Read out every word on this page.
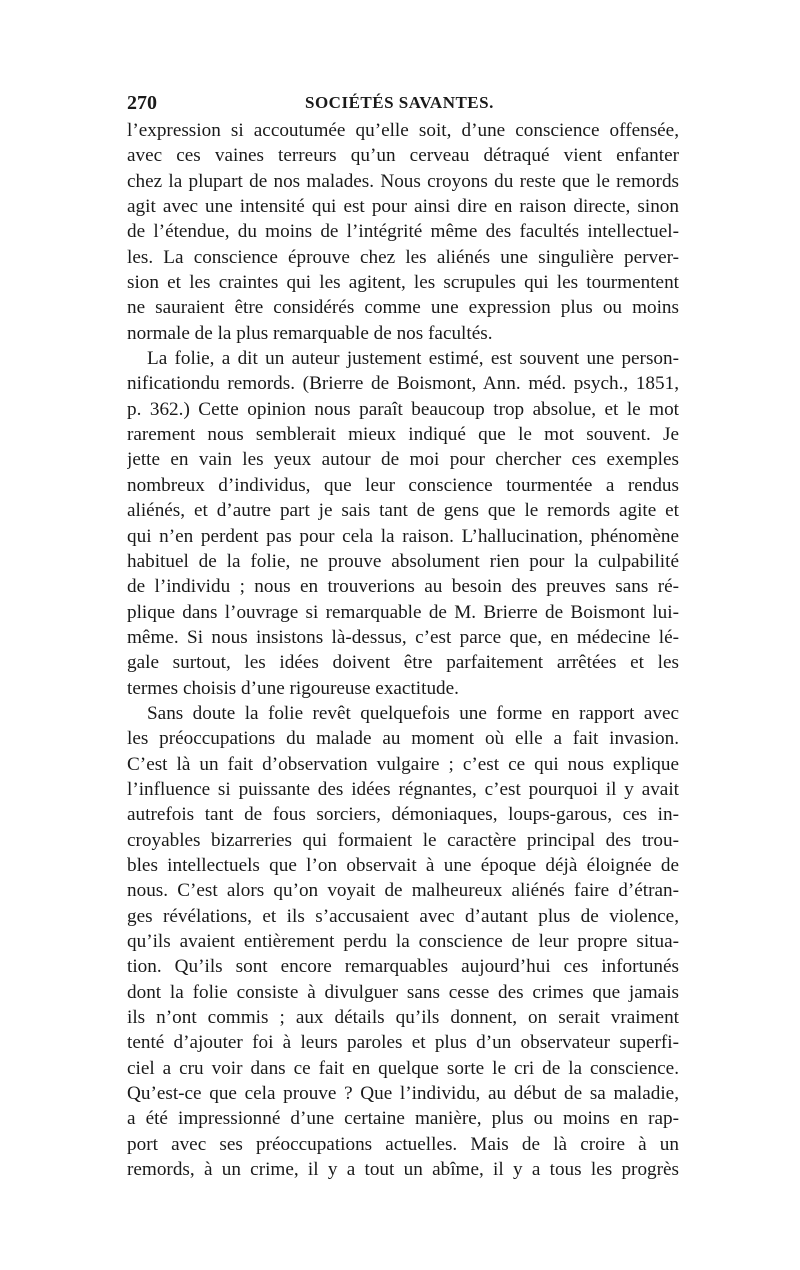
270	SOCIÉTÉS SAVANTES.
l’expression si accoutumée qu’elle soit, d’une conscience offensée,
avec ces vaines terreurs qu’un cerveau détraqué vient enfanter
chez la plupart de nos malades. Nous croyons du reste que le remords
agit avec une intensité qui est pour ainsi dire en raison directe, sinon
de l’étendue, du moins de l’intégrité même des facultés intellectuel-
les. La conscience éprouve chez les aliénés une singulière perver-
sion et les craintes qui les agitent, les scrupules qui les tourmentent
ne sauraient être considérés comme une expression plus ou moins
normale de la plus remarquable de nos facultés.
La folie, a dit un auteur justement estimé, est souvent une person-
nificationdu remords. (Brierre de Boismont, Ann. méd. psych., 1851,
p. 362.) Cette opinion nous paraît beaucoup trop absolue, et le mot
rarement nous semblerait mieux indiqué que le mot souvent. Je
jette en vain les yeux autour de moi pour chercher ces exemples
nombreux d’individus, que leur conscience tourmentée a rendus
aliénés, et d’autre part je sais tant de gens que le remords agite et
qui n’en perdent pas pour cela la raison. L’hallucination, phénomène
habituel de la folie, ne prouve absolument rien pour la culpabilité
de l’individu ; nous en trouverions au besoin des preuves sans ré-
plique dans l’ouvrage si remarquable de M. Brierre de Boismont lui-
même. Si nous insistons là-dessus, c’est parce que, en médecine lé-
gale surtout, les idées doivent être parfaitement arrêtées et les
termes choisis d’une rigoureuse exactitude.
Sans doute la folie revêt quelquefois une forme en rapport avec
les préoccupations du malade au moment où elle a fait invasion.
C’est là un fait d’observation vulgaire ; c’est ce qui nous explique
l’influence si puissante des idées régnantes, c’est pourquoi il y avait
autrefois tant de fous sorciers, démoniaques, loups-garous, ces in-
croyables bizarreries qui formaient le caractère principal des trou-
bles intellectuels que l’on observait à une époque déjà éloignée de
nous. C’est alors qu’on voyait de malheureux aliénés faire d’étran-
ges révélations, et ils s’accusaient avec d’autant plus de violence,
qu’ils avaient entièrement perdu la conscience de leur propre situa-
tion. Qu’ils sont encore remarquables aujourd’hui ces infortunés
dont la folie consiste à divulguer sans cesse des crimes que jamais
ils n’ont commis ; aux détails qu’ils donnent, on serait vraiment
tenté d’ajouter foi à leurs paroles et plus d’un observateur superfi-
ciel a cru voir dans ce fait en quelque sorte le cri de la conscience.
Qu’est-ce que cela prouve ? Que l’individu, au début de sa maladie,
a été impressionné d’une certaine manière, plus ou moins en rap-
port avec ses préoccupations actuelles. Mais de là croire à un
remords, à un crime, il y a tout un abîme, il y a tous les progrès
